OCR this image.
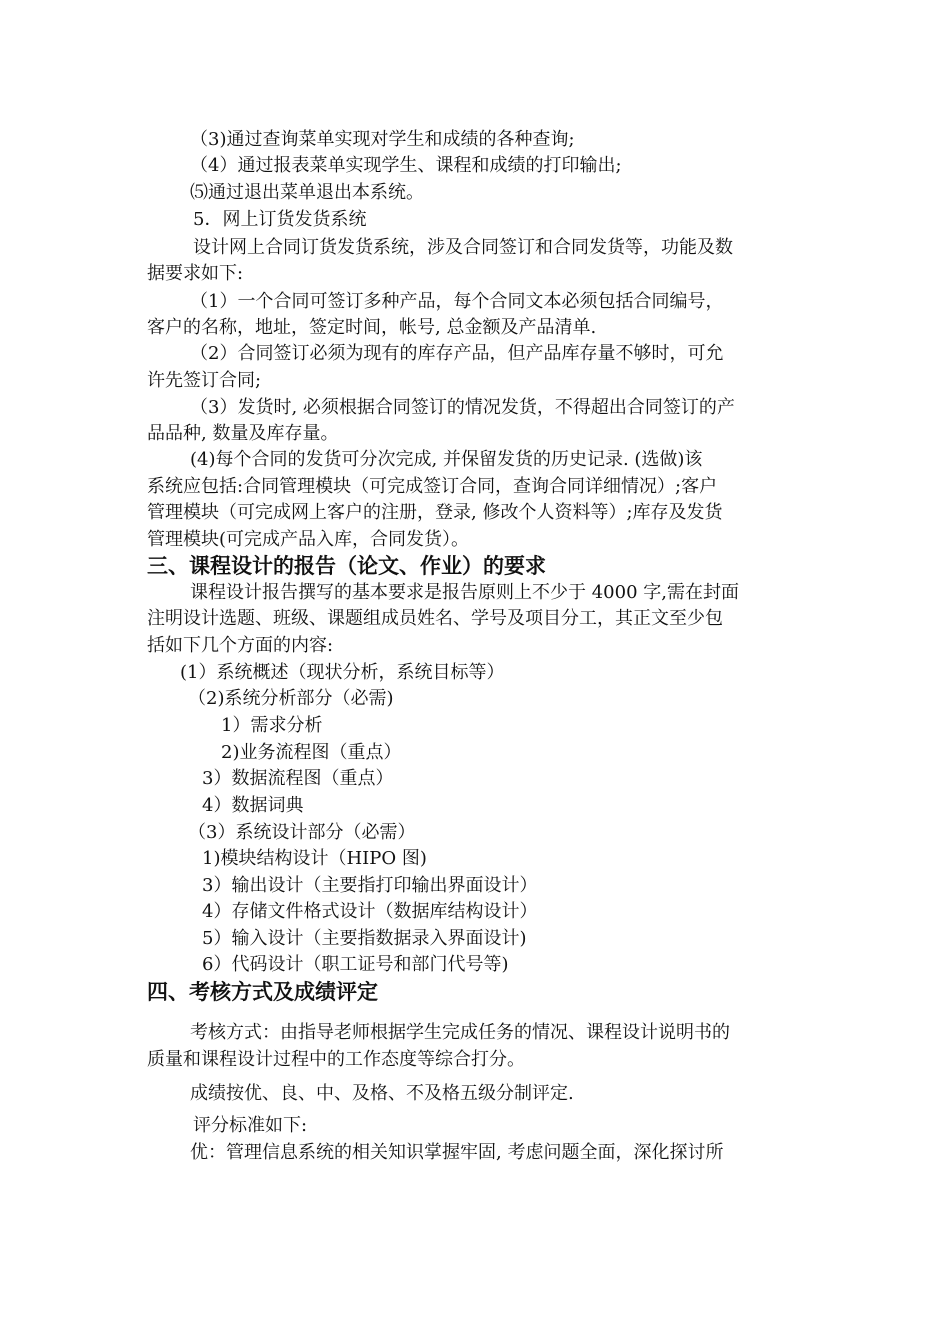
（3)通过查询菜单实现对学生和成绩的各种查询;
（4）通过报表菜单实现学生、课程和成绩的打印输出;
⑸通过退出菜单退出本系统。
5．网上订货发货系统
设计网上合同订货发货系统，涉及合同签订和合同发货等，功能及数
据要求如下:
（1）一个合同可签订多种产品，每个合同文本必须包括合同编号，
客户的名称，地址，签定时间，帐号, 总金额及产品清单.
（2）合同签订必须为现有的库存产品，但产品库存量不够时，可允
许先签订合同;
（3）发货时, 必须根据合同签订的情况发货，不得超出合同签订的产
品品种, 数量及库存量。
(4)每个合同的发货可分次完成, 并保留发货的历史记录. (选做)该
系统应包括:合同管理模块（可完成签订合同，查询合同详细情况）;客户
管理模块（可完成网上客户的注册，登录, 修改个人资料等）;库存及发货
管理模块(可完成产品入库，合同发货）。
三、课程设计的报告（论文、作业）的要求
课程设计报告撰写的基本要求是报告原则上不少于 4000 字,需在封面
注明设计选题、班级、课题组成员姓名、学号及项目分工，其正文至少包
括如下几个方面的内容:
(1）系统概述（现状分析，系统目标等）
（2)系统分析部分（必需)
1）需求分析
2)业务流程图（重点）
3）数据流程图（重点）
4）数据词典
（3）系统设计部分（必需）
1)模块结构设计（HIPO 图)
3）输出设计（主要指打印输出界面设计）
4）存储文件格式设计（数据库结构设计）
5）输入设计（主要指数据录入界面设计)
6）代码设计（职工证号和部门代号等)
四、考核方式及成绩评定
考核方式：由指导老师根据学生完成任务的情况、课程设计说明书的
质量和课程设计过程中的工作态度等综合打分。
成绩按优、良、中、及格、不及格五级分制评定.
评分标准如下:
优：管理信息系统的相关知识掌握牢固, 考虑问题全面，深化探讨所
